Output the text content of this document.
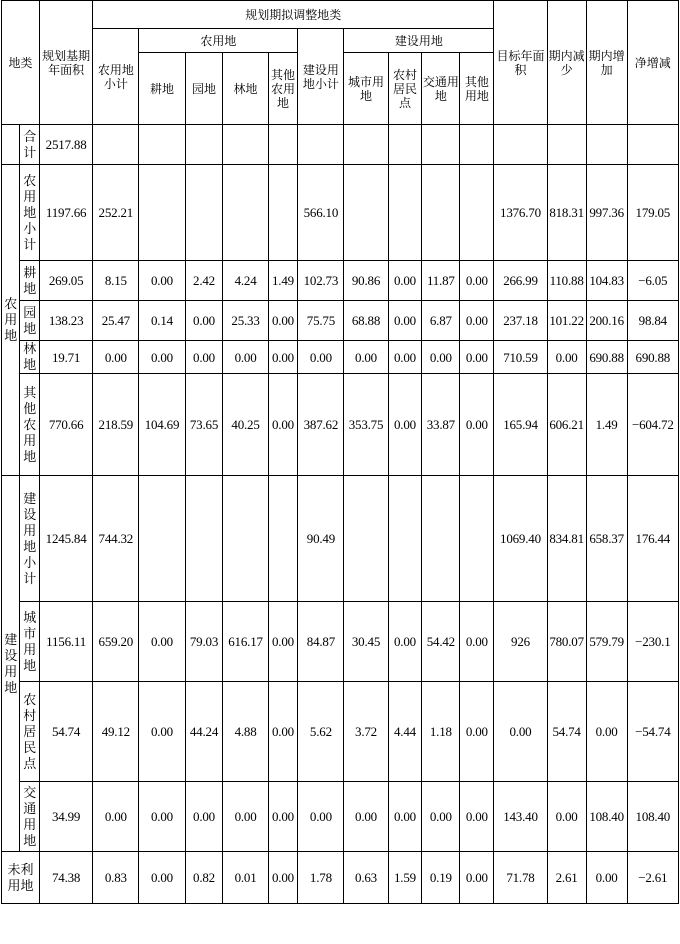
地类		规划基期年面积	规划期拟调整地类										目标年面积	期内减少	期内增加	净增减
			农用地小计	农用地				建设用地小计	建设用地							
				耕地	园地	林地	其他农用地		城市用地	农村居民点	交通用地	其他用地				
	合计	2517.88														
农用地	农用地小计	1197.66	252.21					566.10					1376.70	818.31	997.36	179.05
	耕地	269.05	8.15	0.00	2.42	4.24	1.49	102.73	90.86	0.00	11.87	0.00	266.99	110.88	104.83	−6.05
	园地	138.23	25.47	0.14	0.00	25.33	0.00	75.75	68.88	0.00	6.87	0.00	237.18	101.22	200.16	98.84
	林地	19.71	0.00	0.00	0.00	0.00	0.00	0.00	0.00	0.00	0.00	0.00	710.59	0.00	690.88	690.88
	其他农用地	770.66	218.59	104.69	73.65	40.25	0.00	387.62	353.75	0.00	33.87	0.00	165.94	606.21	1.49	−604.72
建设用地	建设用地小计	1245.84	744.32					90.49					1069.40	834.81	658.37	176.44
	城市用地	1156.11	659.20	0.00	79.03	616.17	0.00	84.87	30.45	0.00	54.42	0.00	926	780.07	579.79	−230.1
	农村居民点	54.74	49.12	0.00	44.24	4.88	0.00	5.62	3.72	4.44	1.18	0.00	0.00	54.74	0.00	−54.74
	交通用地	34.99	0.00	0.00	0.00	0.00	0.00	0.00	0.00	0.00	0.00	0.00	143.40	0.00	108.40	108.40
未利用地		74.38	0.83	0.00	0.82	0.01	0.00	1.78	0.63	1.59	0.19	0.00	71.78	2.61	0.00	−2.61
